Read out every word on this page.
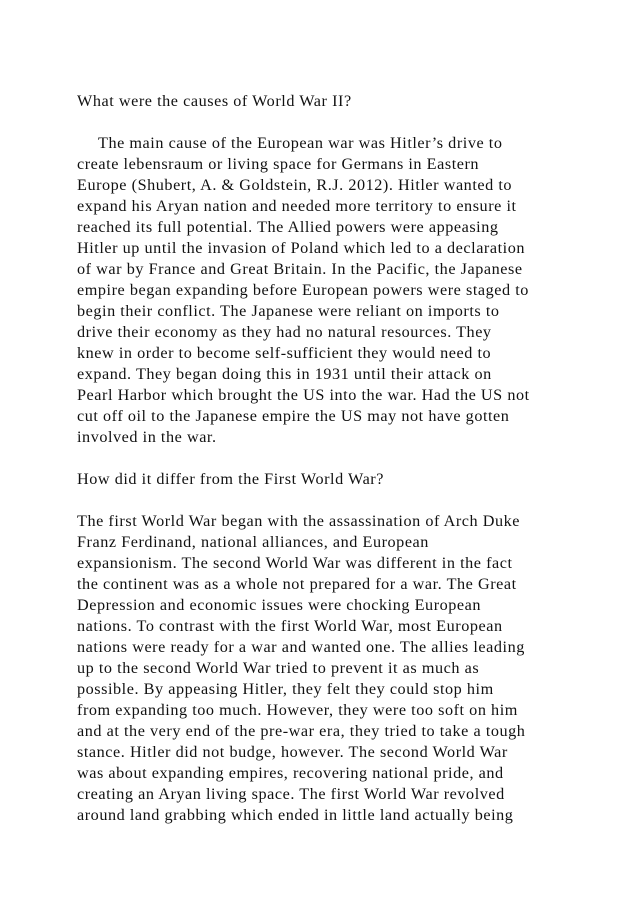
What were the causes of World War II?
The main cause of the European war was Hitler’s drive to
create lebensraum or living space for Germans in Eastern
Europe (Shubert, A. & Goldstein, R.J. 2012). Hitler wanted to
expand his Aryan nation and needed more territory to ensure it
reached its full potential. The Allied powers were appeasing
Hitler up until the invasion of Poland which led to a declaration
of war by France and Great Britain. In the Pacific, the Japanese
empire began expanding before European powers were staged to
begin their conflict. The Japanese were reliant on imports to
drive their economy as they had no natural resources. They
knew in order to become self-sufficient they would need to
expand. They began doing this in 1931 until their attack on
Pearl Harbor which brought the US into the war. Had the US not
cut off oil to the Japanese empire the US may not have gotten
involved in the war.
How did it differ from the First World War?
The first World War began with the assassination of Arch Duke
Franz Ferdinand, national alliances, and European
expansionism. The second World War was different in the fact
the continent was as a whole not prepared for a war. The Great
Depression and economic issues were chocking European
nations. To contrast with the first World War, most European
nations were ready for a war and wanted one. The allies leading
up to the second World War tried to prevent it as much as
possible. By appeasing Hitler, they felt they could stop him
from expanding too much. However, they were too soft on him
and at the very end of the pre-war era, they tried to take a tough
stance. Hitler did not budge, however. The second World War
was about expanding empires, recovering national pride, and
creating an Aryan living space. The first World War revolved
around land grabbing which ended in little land actually being
